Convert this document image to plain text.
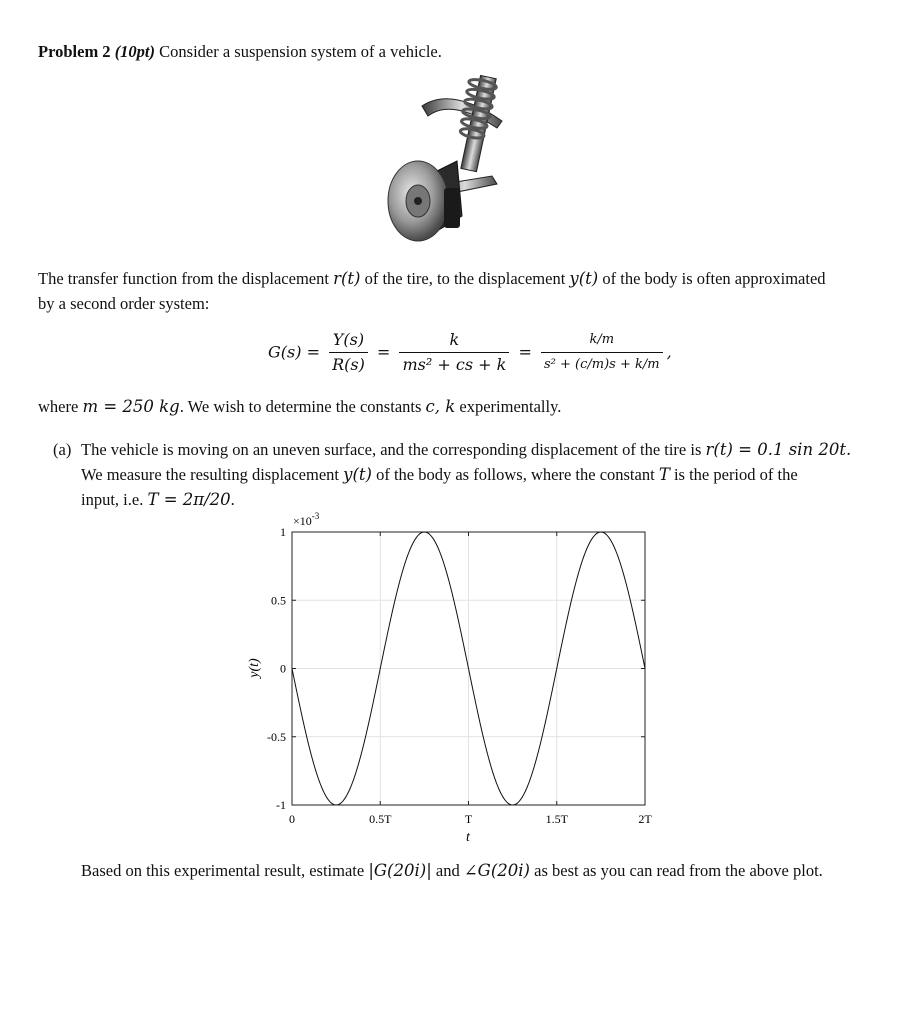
Problem 2 (10pt) Consider a suspension system of a vehicle.
The transfer function from the displacement r(t) of the tire, to the displacement y(t) of the body is often approximated
by a second order system:
$G(s) = \frac{Y(s)}{R(s)} = \frac{k}{\text{ms² + cs + k}} = \frac{k/m}{\text{s² + (c/m)s + k/m}}$ ,
where m = 250 kg. We wish to determine the constants c, k experimentally.
(a) The vehicle is moving on an uneven surface, and the corresponding displacement of the tire is r(t) = 0.1 sin 20t.
We measure the resulting displacement y(t) of the body as follows, where the constant T is the period of the
input, i.e. T = 2π/20.
0	0.5T	T	1.5T	2T
1
0.5
0
-0.5
-1
$\times 10^{-3}$
t
y(t)
Based on this experimental result, estimate |G(20i)| and ∠G(20i) as best as you can read from the above plot.
